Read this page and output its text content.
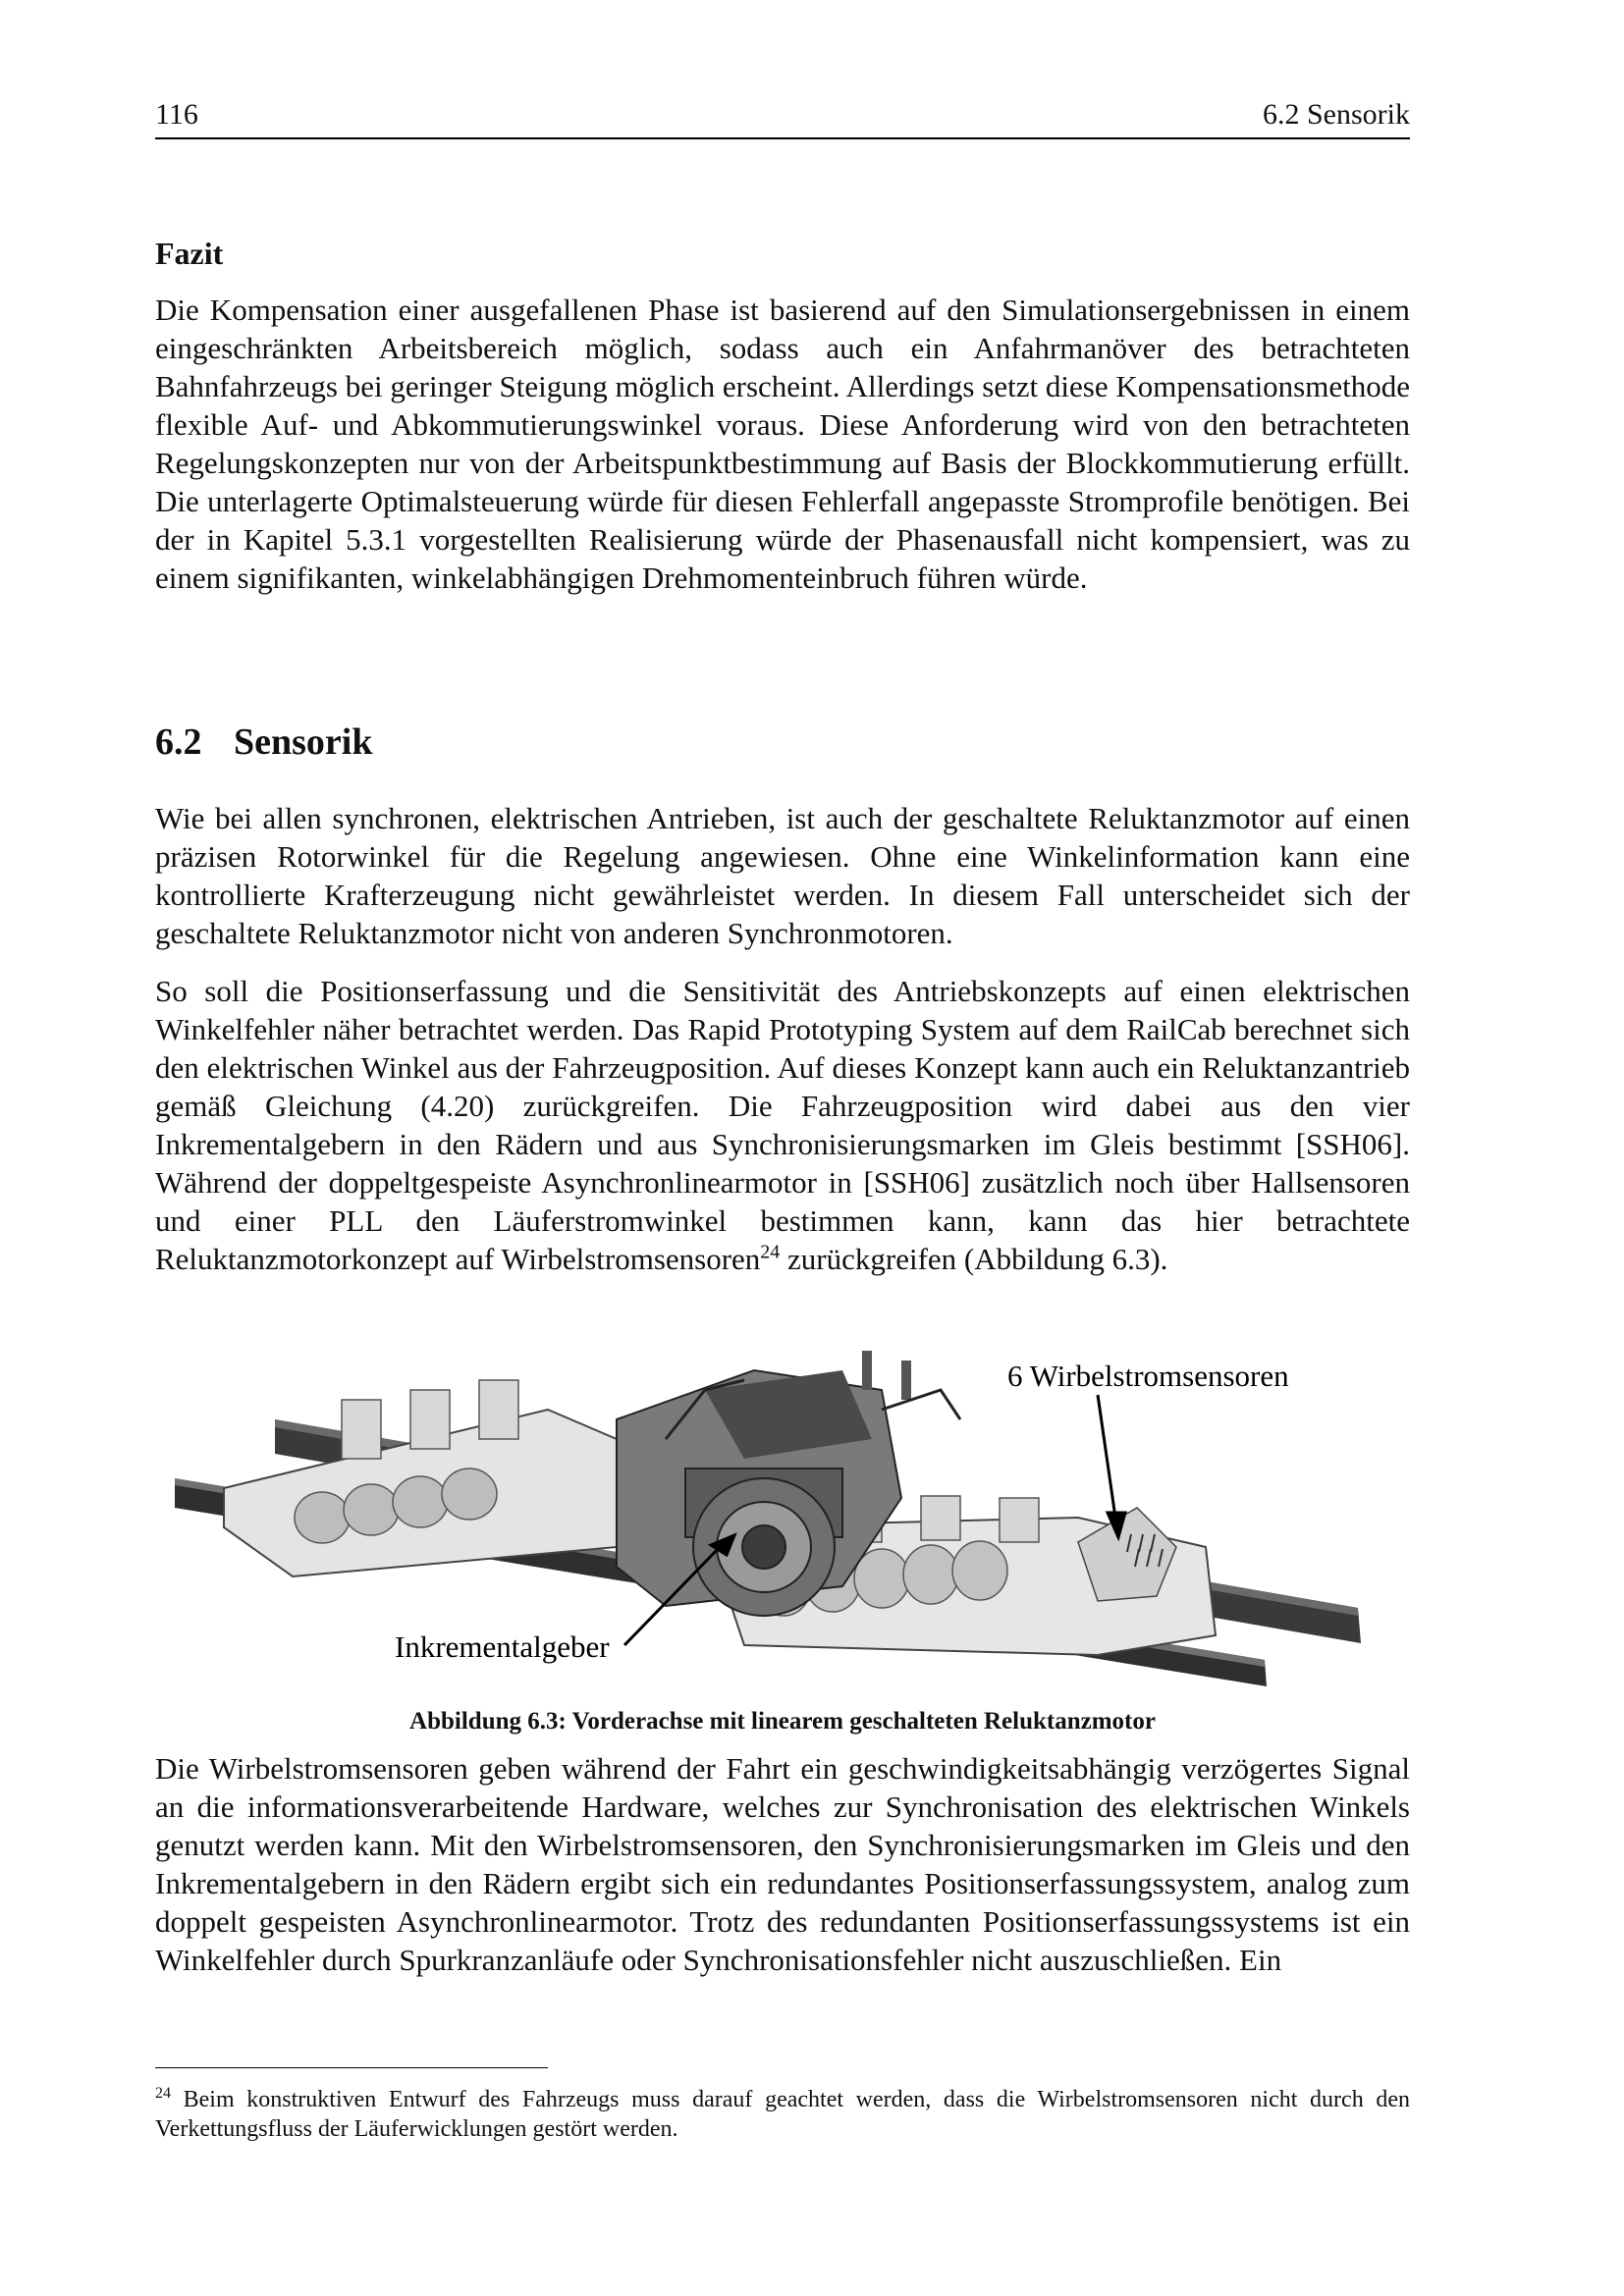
116	6.2 Sensorik
Fazit
Die Kompensation einer ausgefallenen Phase ist basierend auf den Simulationsergebnissen in einem eingeschränkten Arbeitsbereich möglich, sodass auch ein Anfahrmanöver des betrachteten Bahnfahrzeugs bei geringer Steigung möglich erscheint. Allerdings setzt diese Kompensationsmethode flexible Auf- und Abkommutierungswinkel voraus. Diese Anforderung wird von den betrachteten Regelungskonzepten nur von der Arbeitspunktbestimmung auf Basis der Blockkommutierung erfüllt. Die unterlagerte Optimalsteuerung würde für diesen Fehlerfall angepasste Stromprofile benötigen. Bei der in Kapitel 5.3.1 vorgestellten Realisierung würde der Phasenausfall nicht kompensiert, was zu einem signifikanten, winkelabhängigen Drehmomenteinbruch führen würde.
6.2 Sensorik
Wie bei allen synchronen, elektrischen Antrieben, ist auch der geschaltete Reluktanzmotor auf einen präzisen Rotorwinkel für die Regelung angewiesen. Ohne eine Winkelinformation kann eine kontrollierte Krafterzeugung nicht gewährleistet werden. In diesem Fall unterscheidet sich der geschaltete Reluktanzmotor nicht von anderen Synchronmotoren.
So soll die Positionserfassung und die Sensitivität des Antriebskonzepts auf einen elektrischen Winkelfehler näher betrachtet werden. Das Rapid Prototyping System auf dem RailCab berechnet sich den elektrischen Winkel aus der Fahrzeugposition. Auf dieses Konzept kann auch ein Reluktanzantrieb gemäß Gleichung (4.20) zurückgreifen. Die Fahrzeugposition wird dabei aus den vier Inkrementalgebern in den Rädern und aus Synchronisierungsmarken im Gleis bestimmt [SSH06]. Während der doppeltgespeiste Asynchronlinearmotor in [SSH06] zusätzlich noch über Hallsensoren und einer PLL den Läuferstromwinkel bestimmen kann, kann das hier betrachtete Reluktanzmotorkonzept auf Wirbelstromsensoren$^{24}$ zurückgreifen (Abbildung 6.3).
6 Wirbelstromsensoren
Inkrementalgeber
Abbildung 6.3: Vorderachse mit linearem geschalteten Reluktanzmotor
Die Wirbelstromsensoren geben während der Fahrt ein geschwindigkeitsabhängig verzögertes Signal an die informationsverarbeitende Hardware, welches zur Synchronisation des elektrischen Winkels genutzt werden kann. Mit den Wirbelstromsensoren, den Synchronisierungsmarken im Gleis und den Inkrementalgebern in den Rädern ergibt sich ein redundantes Positionserfassungssystem, analog zum doppelt gespeisten Asynchronlinearmotor. Trotz des redundanten Positionserfassungssystems ist ein Winkelfehler durch Spurkranzanläufe oder Synchronisationsfehler nicht auszuschließen. Ein
$^{24}$ Beim konstruktiven Entwurf des Fahrzeugs muss darauf geachtet werden, dass die Wirbelstromsensoren nicht durch den Verkettungsfluss der Läuferwicklungen gestört werden.
